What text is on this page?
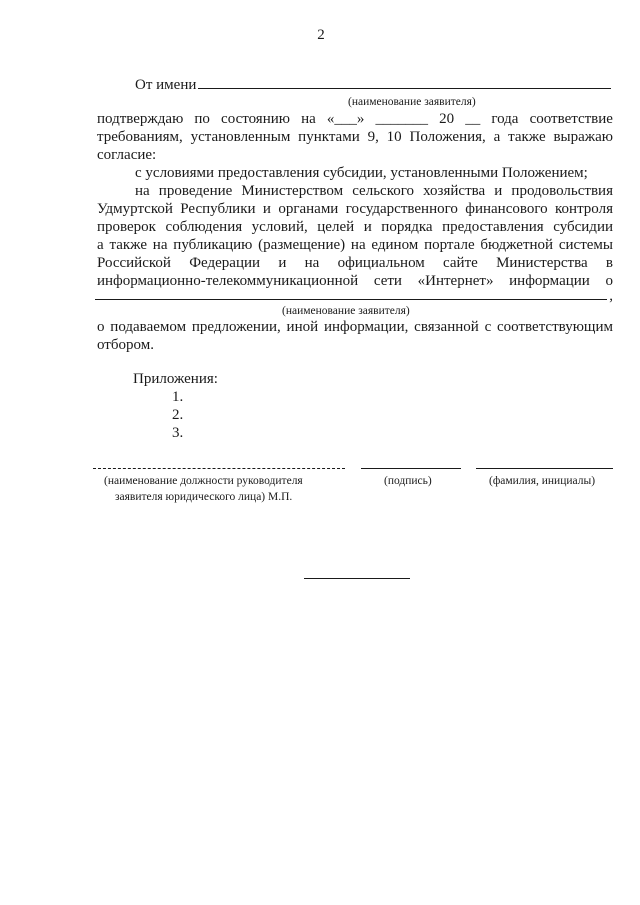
2
От имени
(наименование заявителя)
подтверждаю по состоянию на «___» _______ 20 __ года соответствие
требованиям, установленным пунктами 9, 10 Положения, а также выражаю
согласие:
с условиями предоставления субсидии, установленными Положением;
на проведение Министерством сельского хозяйства и продовольствия
Удмуртской Республики и органами государственного финансового контроля
проверок соблюдения условий, целей и порядка предоставления субсидии
а также на публикацию (размещение) на едином портале бюджетной системы
Российской Федерации и на официальном сайте Министерства в
информационно-телекоммуникационной сети «Интернет» информации о
,
(наименование заявителя)
о подаваемом предложении, иной информации, связанной с соответствующим
отбором.
Приложения:
1.
2.
3.
(наименование должности руководителя	(подпись)	(фамилия, инициалы)
заявителя юридического лица) М.П.
